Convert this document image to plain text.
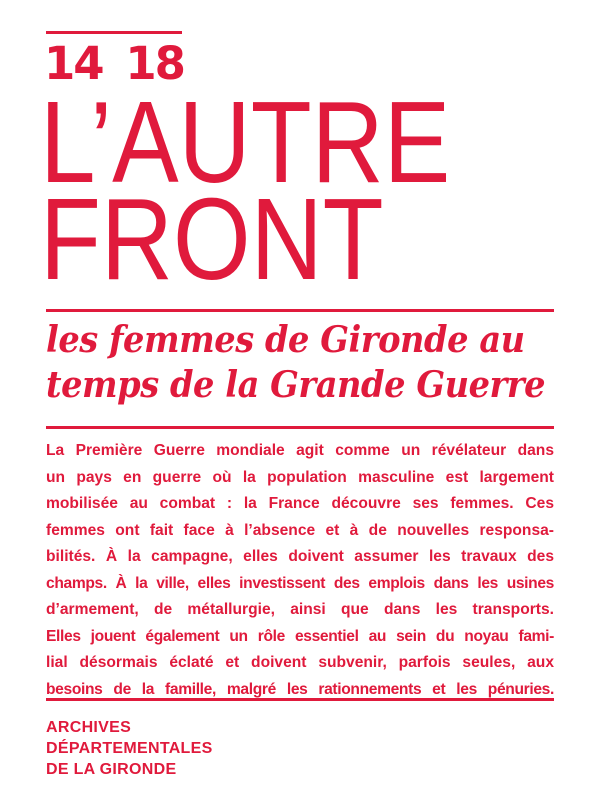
14 18
L’AUTRE
FRONT
les femmes de Gironde au
temps de la Grande Guerre
La Première Guerre mondiale agit comme un révélateur dans
un pays en guerre où la population masculine est largement
mobilisée au combat : la France découvre ses femmes. Ces
femmes ont fait face à l’absence et à de nouvelles responsa-
bilités. À la campagne, elles doivent assumer les travaux des
champs. À la ville, elles investissent des emplois dans les usines
d’armement, de métallurgie, ainsi que dans les transports.
Elles jouent également un rôle essentiel au sein du noyau fami-
lial désormais éclaté et doivent subvenir, parfois seules, aux
besoins de la famille, malgré les rationnements et les pénuries.
ARCHIVES
DÉPARTEMENTALES
DE LA GIRONDE
